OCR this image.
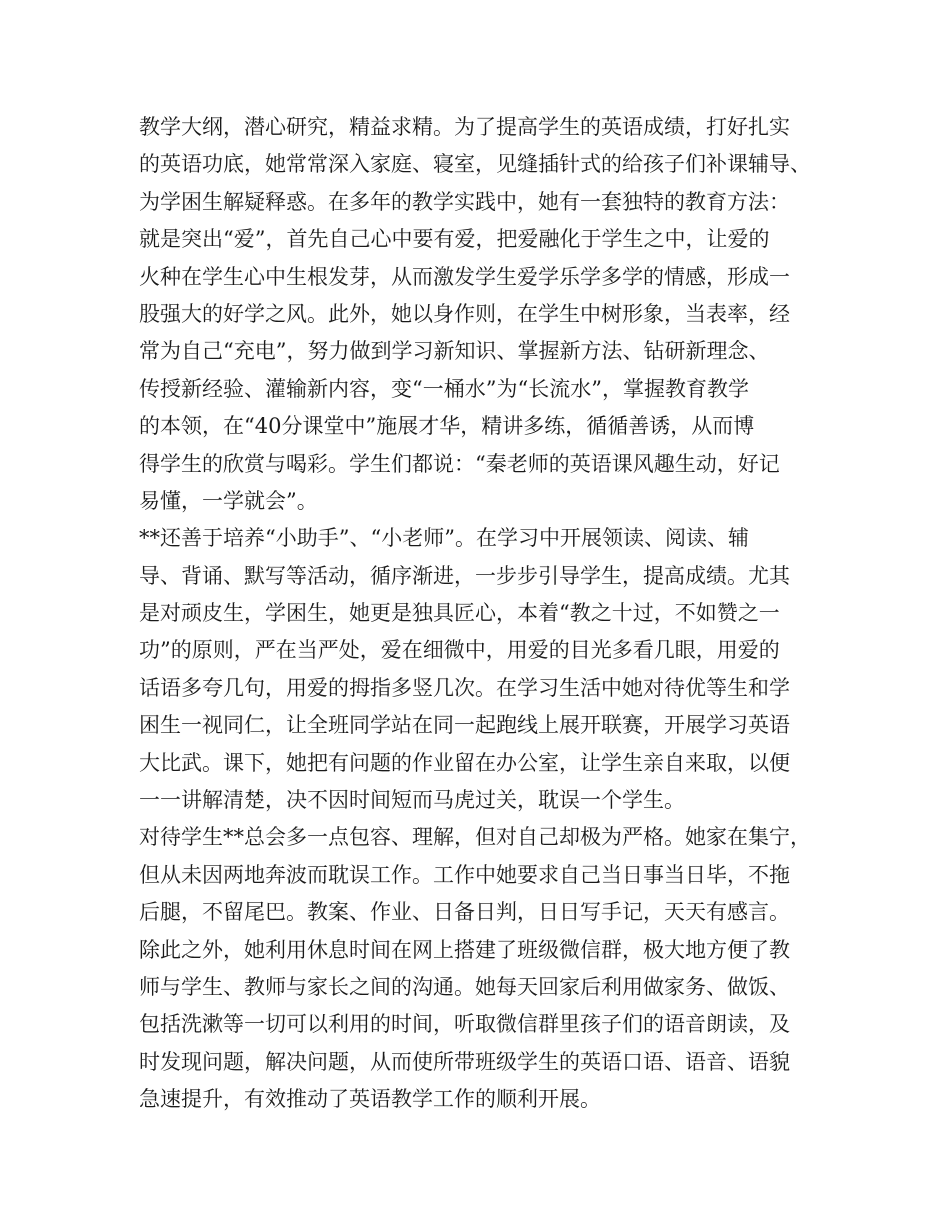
教学大纲，潜心研究，精益求精。为了提高学生的英语成绩，打好扎实
的英语功底，她常常深入家庭、寝室，见缝插针式的给孩子们补课辅导、
为学困生解疑释惑。在多年的教学实践中，她有一套独特的教育方法：
就是突出“爱”，首先自己心中要有爱，把爱融化于学生之中，让爱的
火种在学生心中生根发芽，从而激发学生爱学乐学多学的情感，形成一
股强大的好学之风。此外，她以身作则，在学生中树形象，当表率，经
常为自己“充电”，努力做到学习新知识、掌握新方法、钻研新理念、
传授新经验、灌输新内容，变“一桶水”为“长流水”，掌握教育教学
的本领，在“40分课堂中”施展才华，精讲多练，循循善诱，从而博
得学生的欣赏与喝彩。学生们都说：“秦老师的英语课风趣生动，好记
易懂，一学就会”。
**还善于培养“小助手”、“小老师”。在学习中开展领读、阅读、辅
导、背诵、默写等活动，循序渐进，一步步引导学生，提高成绩。尤其
是对顽皮生，学困生，她更是独具匠心，本着“教之十过，不如赞之一
功”的原则，严在当严处，爱在细微中，用爱的目光多看几眼，用爱的
话语多夸几句，用爱的拇指多竖几次。在学习生活中她对待优等生和学
困生一视同仁，让全班同学站在同一起跑线上展开联赛，开展学习英语
大比武。课下，她把有问题的作业留在办公室，让学生亲自来取，以便
一一讲解清楚，决不因时间短而马虎过关，耽误一个学生。
对待学生**总会多一点包容、理解，但对自己却极为严格。她家在集宁，
但从未因两地奔波而耽误工作。工作中她要求自己当日事当日毕，不拖
后腿，不留尾巴。教案、作业、日备日判，日日写手记，天天有感言。
除此之外，她利用休息时间在网上搭建了班级微信群，极大地方便了教
师与学生、教师与家长之间的沟通。她每天回家后利用做家务、做饭、
包括洗漱等一切可以利用的时间，听取微信群里孩子们的语音朗读，及
时发现问题，解决问题，从而使所带班级学生的英语口语、语音、语貌
急速提升，有效推动了英语教学工作的顺利开展。
